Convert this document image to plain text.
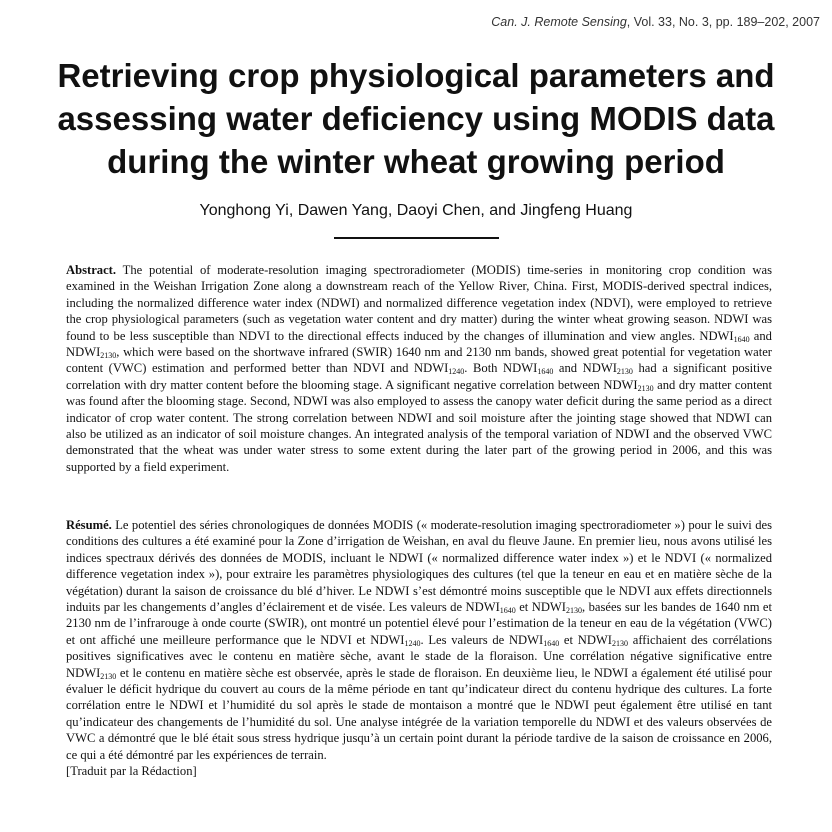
Can. J. Remote Sensing, Vol. 33, No. 3, pp. 189–202, 2007
Retrieving crop physiological parameters and
assessing water deficiency using MODIS data
during the winter wheat growing period
Yonghong Yi, Dawen Yang, Daoyi Chen, and Jingfeng Huang
Abstract. The potential of moderate-resolution imaging spectroradiometer (MODIS) time-series in monitoring crop condition was examined in the Weishan Irrigation Zone along a downstream reach of the Yellow River, China. First, MODIS-derived spectral indices, including the normalized difference water index (NDWI) and normalized difference vegetation index (NDVI), were employed to retrieve the crop physiological parameters (such as vegetation water content and dry matter) during the winter wheat growing season. NDWI was found to be less susceptible than NDVI to the directional effects induced by the changes of illumination and view angles. $NDWI_{1640}$ and $NDWI_{2130}$, which were based on the shortwave infrared (SWIR) 1640 nm and 2130 nm bands, showed great potential for vegetation water content (VWC) estimation and performed better than NDVI and $NDWI_{1240}$. Both $NDWI_{1640}$ and $NDWI_{2130}$ had a significant positive correlation with dry matter content before the blooming stage. A significant negative correlation between $NDWI_{2130}$ and dry matter content was found after the blooming stage. Second, NDWI was also employed to assess the canopy water deficit during the same period as a direct indicator of crop water content. The strong correlation between NDWI and soil moisture after the jointing stage showed that NDWI can also be utilized as an indicator of soil moisture changes. An integrated analysis of the temporal variation of NDWI and the observed VWC demonstrated that the wheat was under water stress to some extent during the later part of the growing period in 2006, and this was supported by a field experiment.
Résumé. Le potentiel des séries chronologiques de données MODIS (« moderate-resolution imaging spectroradiometer ») pour le suivi des conditions des cultures a été examiné pour la Zone d’irrigation de Weishan, en aval du fleuve Jaune. En premier lieu, nous avons utilisé les indices spectraux dérivés des données de MODIS, incluant le NDWI (« normalized difference water index ») et le NDVI (« normalized difference vegetation index »), pour extraire les paramètres physiologiques des cultures (tel que la teneur en eau et en matière sèche de la végétation) durant la saison de croissance du blé d’hiver. Le NDWI s’est démontré moins susceptible que le NDVI aux effets directionnels induits par les changements d’angles d’éclairement et de visée. Les valeurs de $NDWI_{1640}$ et $NDWI_{2130}$, basées sur les bandes de 1640 nm et 2130 nm de l’infrarouge à onde courte (SWIR), ont montré un potentiel élevé pour l’estimation de la teneur en eau de la végétation (VWC) et ont affiché une meilleure performance que le NDVI et $NDWI_{1240}$. Les valeurs de $NDWI_{1640}$ et $NDWI_{2130}$ affichaient des corrélations positives significatives avec le contenu en matière sèche, avant le stade de la floraison. Une corrélation négative significative entre $NDWI_{2130}$ et le contenu en matière sèche est observée, après le stade de floraison. En deuxième lieu, le NDWI a également été utilisé pour évaluer le déficit hydrique du couvert au cours de la même période en tant qu’indicateur direct du contenu hydrique des cultures. La forte corrélation entre le NDWI et l’humidité du sol après le stade de montaison a montré que le NDWI peut également être utilisé en tant qu’indicateur des changements de l’humidité du sol. Une analyse intégrée de la variation temporelle du NDWI et des valeurs observées de VWC a démontré que le blé était sous stress hydrique jusqu’à un certain point durant la période tardive de la saison de croissance en 2006, ce qui a été démontré par les expériences de terrain.
[Traduit par la Rédaction]
